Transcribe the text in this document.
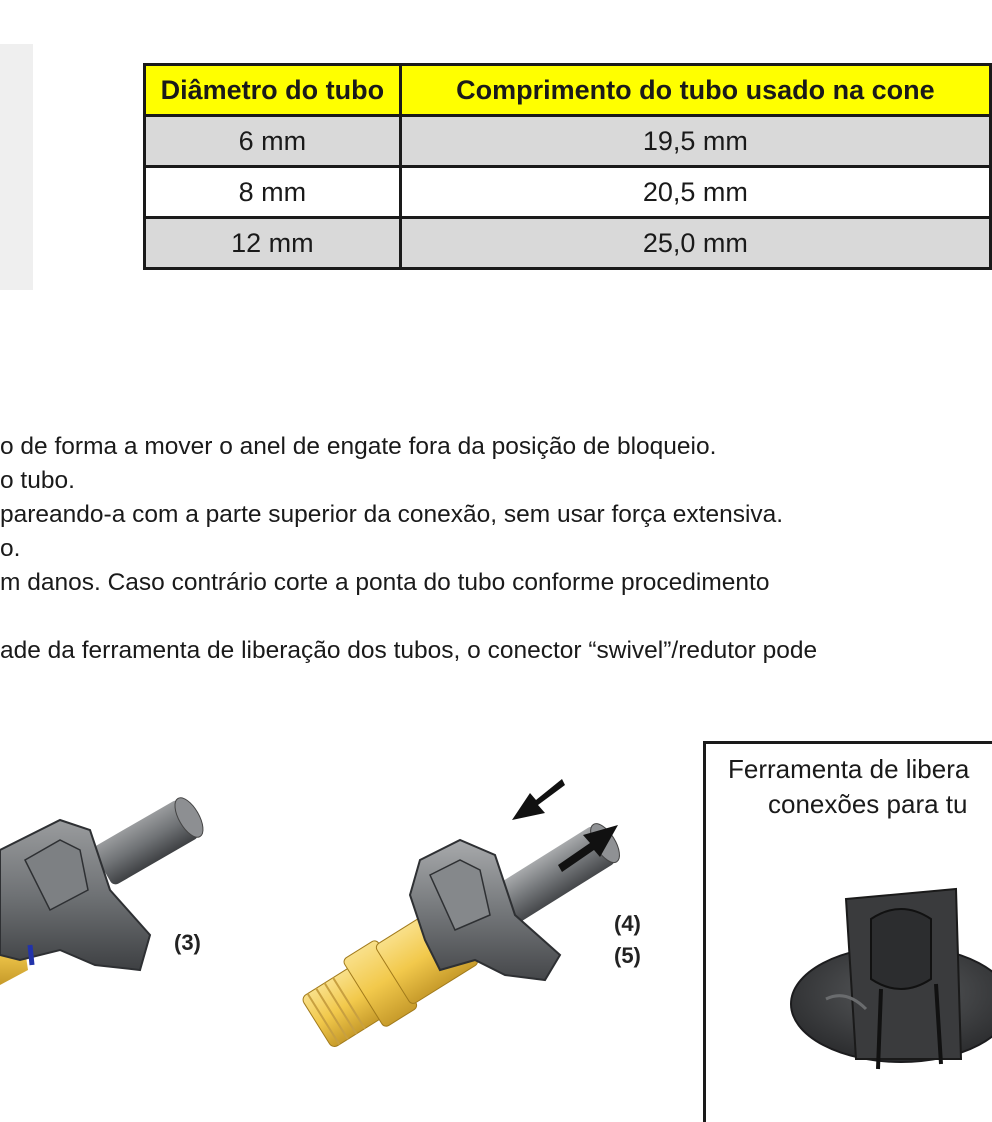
Diâmetro do tubo	Comprimento do tubo usado na cone
6 mm	19,5 mm
8 mm	20,5 mm
12 mm	25,0 mm
o de forma a mover o anel de engate fora da posição de bloqueio.
o tubo.
pareando-a com a parte superior da conexão, sem usar força extensiva.
o.
m danos. Caso contrário corte a ponta do tubo conforme procedimento
ade da ferramenta de liberação dos tubos, o conector “swivel”/redutor pode
(3)
(4)
(5)
Ferramenta de libera
conexões para tu
